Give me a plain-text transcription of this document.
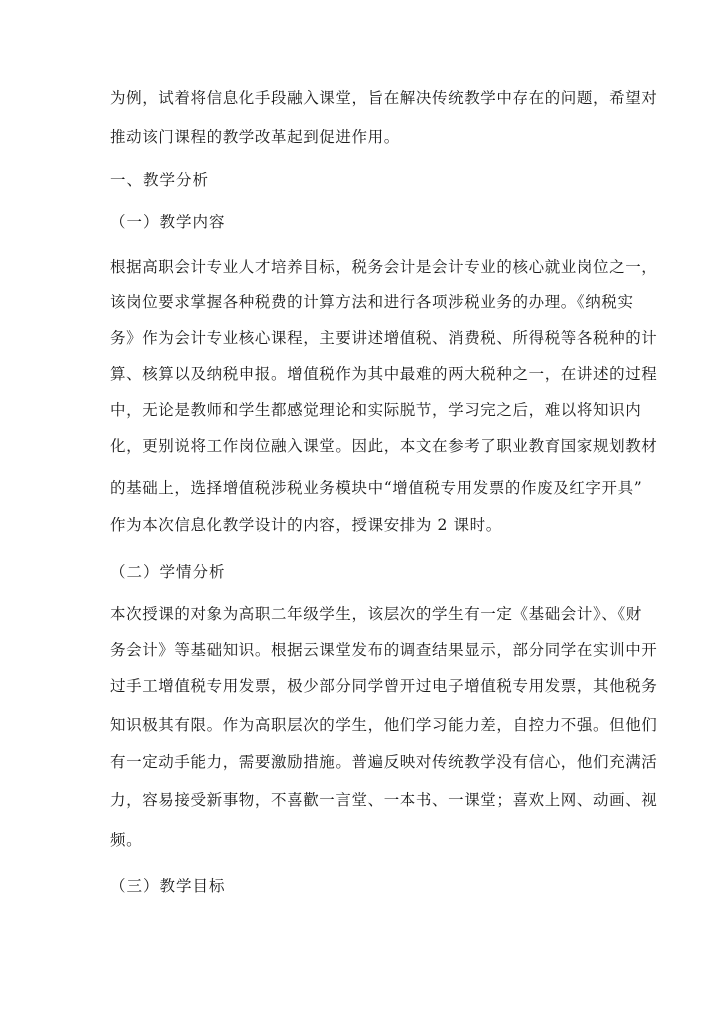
为例，试着将信息化手段融入课堂，旨在解决传统教学中存在的问题，希望对
推动该门课程的教学改革起到促进作用。
一、教学分析
（一）教学内容
根据高职会计专业人才培养目标，税务会计是会计专业的核心就业岗位之一，
该岗位要求掌握各种税费的计算方法和进行各项涉税业务的办理。《纳税实
务》作为会计专业核心课程，主要讲述增值税、消费税、所得税等各税种的计
算、核算以及纳税申报。增值税作为其中最难的两大税种之一，在讲述的过程
中，无论是教师和学生都感觉理论和实际脱节，学习完之后，难以将知识内
化，更别说将工作岗位融入课堂。因此，本文在参考了职业教育国家规划教材
的基础上，选择增值税涉税业务模块中“增值税专用发票的作废及红字开具”
作为本次信息化教学设计的内容，授课安排为 2 课时。
（二）学情分析
本次授课的对象为高职二年级学生，该层次的学生有一定《基础会计》、《财
务会计》等基础知识。根据云课堂发布的调查结果显示，部分同学在实训中开
过手工增值税专用发票，极少部分同学曾开过电子增值税专用发票，其他税务
知识极其有限。作为高职层次的学生，他们学习能力差，自控力不强。但他们
有一定动手能力，需要激励措施。普遍反映对传统教学没有信心，他们充满活
力，容易接受新事物，不喜歡一言堂、一本书、一课堂；喜欢上网、动画、视
频。
（三）教学目标
